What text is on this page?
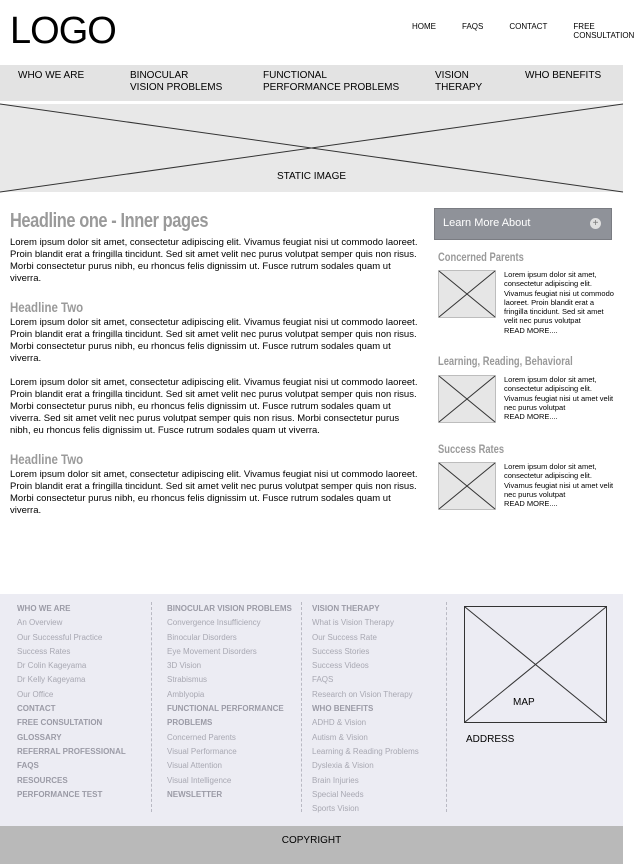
LOGO	HOME	FAQS	CONTACT	FREE CONSULTATION
WHO WE ARE	BINOCULAR
VISION PROBLEMS
FUNCTIONAL
PERFORMANCE PROBLEMS
VISION
THERAPY
WHO BENEFITS
STATIC IMAGE
Headline one - Inner pages

Lorem ipsum dolor sit amet, consectetur adipiscing elit. Vivamus feugiat nisi ut commodo laoreet. Proin blandit erat a fringilla tincidunt. Sed sit amet velit nec purus volutpat semper quis non risus. Morbi consectetur purus nibh, eu rhoncus felis dignissim ut. Fusce rutrum sodales quam ut viverra.

Headline Two

Lorem ipsum dolor sit amet, consectetur adipiscing elit. Vivamus feugiat nisi ut commodo laoreet. Proin blandit erat a fringilla tincidunt. Sed sit amet velit nec purus volutpat semper quis non risus. Morbi consectetur purus nibh, eu rhoncus felis dignissim ut. Fusce rutrum sodales quam ut viverra.

Lorem ipsum dolor sit amet, consectetur adipiscing elit. Vivamus feugiat nisi ut commodo laoreet. Proin blandit erat a fringilla tincidunt. Sed sit amet velit nec purus volutpat semper quis non risus. Morbi consectetur purus nibh, eu rhoncus felis dignissim ut. Fusce rutrum sodales quam ut viverra. Sed sit amet velit nec purus volutpat semper quis non risus. Morbi consectetur purus nibh, eu rhoncus felis dignissim ut. Fusce rutrum sodales quam ut viverra.

Headline Two

Lorem ipsum dolor sit amet, consectetur adipiscing elit. Vivamus feugiat nisi ut commodo laoreet. Proin blandit erat a fringilla tincidunt. Sed sit amet velit nec purus volutpat semper quis non risus. Morbi consectetur purus nibh, eu rhoncus felis dignissim ut. Fusce rutrum sodales quam ut viverra.

Learn More About	+
Concerned Parents
Lorem ipsum dolor sit amet, consectetur adipiscing elit. Vivamus feugiat nisi ut commodo laoreet. Proin blandit erat a fringilla tincidunt. Sed sit amet velit nec purus volutpat
READ MORE....
Learning, Reading, Behavioral
Lorem ipsum dolor sit amet, consectetur adipiscing elit. Vivamus feugiat nisi ut amet velit nec purus volutpat
READ MORE....
Success Rates
Lorem ipsum dolor sit amet, consectetur adipiscing elit. Vivamus feugiat nisi ut amet velit nec purus volutpat
READ MORE....
WHO WE ARE
An Overview
Our Successful Practice
Success Rates
Dr Colin Kageyama
Dr Kelly Kageyama
Our Office
CONTACT
FREE CONSULTATION
GLOSSARY
REFERRAL PROFESSIONAL
FAQS
RESOURCES
PERFORMANCE TEST
BINOCULAR VISION PROBLEMS
Convergence Insufficiency
Binocular Disorders
Eye Movement Disorders
3D Vision
Strabismus
Amblyopia
FUNCTIONAL PERFORMANCE
PROBLEMS
Concerned Parents
Visual Performance
Visual Attention
Visual Intelligence
NEWSLETTER
VISION THERAPY
What is Vision Therapy
Our Success Rate
Success Stories
Success Videos
FAQS
Research on Vision Therapy
WHO BENEFITS
ADHD & Vision
Autism & Vision
Learning & Reading Problems
Dyslexia & Vision
Brain Injuries
Special Needs
Sports Vision
MAP
ADDRESS
COPYRIGHT
